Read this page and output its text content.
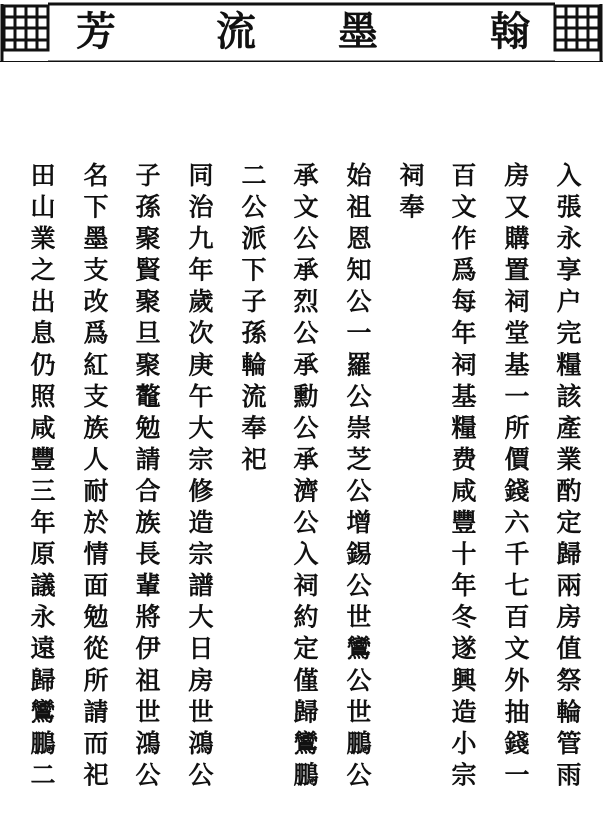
翰
墨
流
芳
入張永享户完糧該產業酌定歸兩房值祭輪管雨
房又購置祠堂基一所價錢六千七百文外抽錢一
百文作爲每年祠基糧费咸豐十年冬遂興造小宗
祠奉
始祖恩知公一羅公崇芝公增錫公世鸞公世鵬公
承文公承烈公承勳公承濟公入祠約定僅歸鸞鵬
二公派下子孫輪流奉祀
同治九年歲次庚午大宗修造宗譜大日房世鴻公
子孫聚賢聚旦聚鼇勉請合族長輩將伊祖世鴻公
名下墨支改爲紅支族人耐於情面勉從所請而祀
田山業之出息仍照咸豐三年原議永遠歸鸞鵬二
